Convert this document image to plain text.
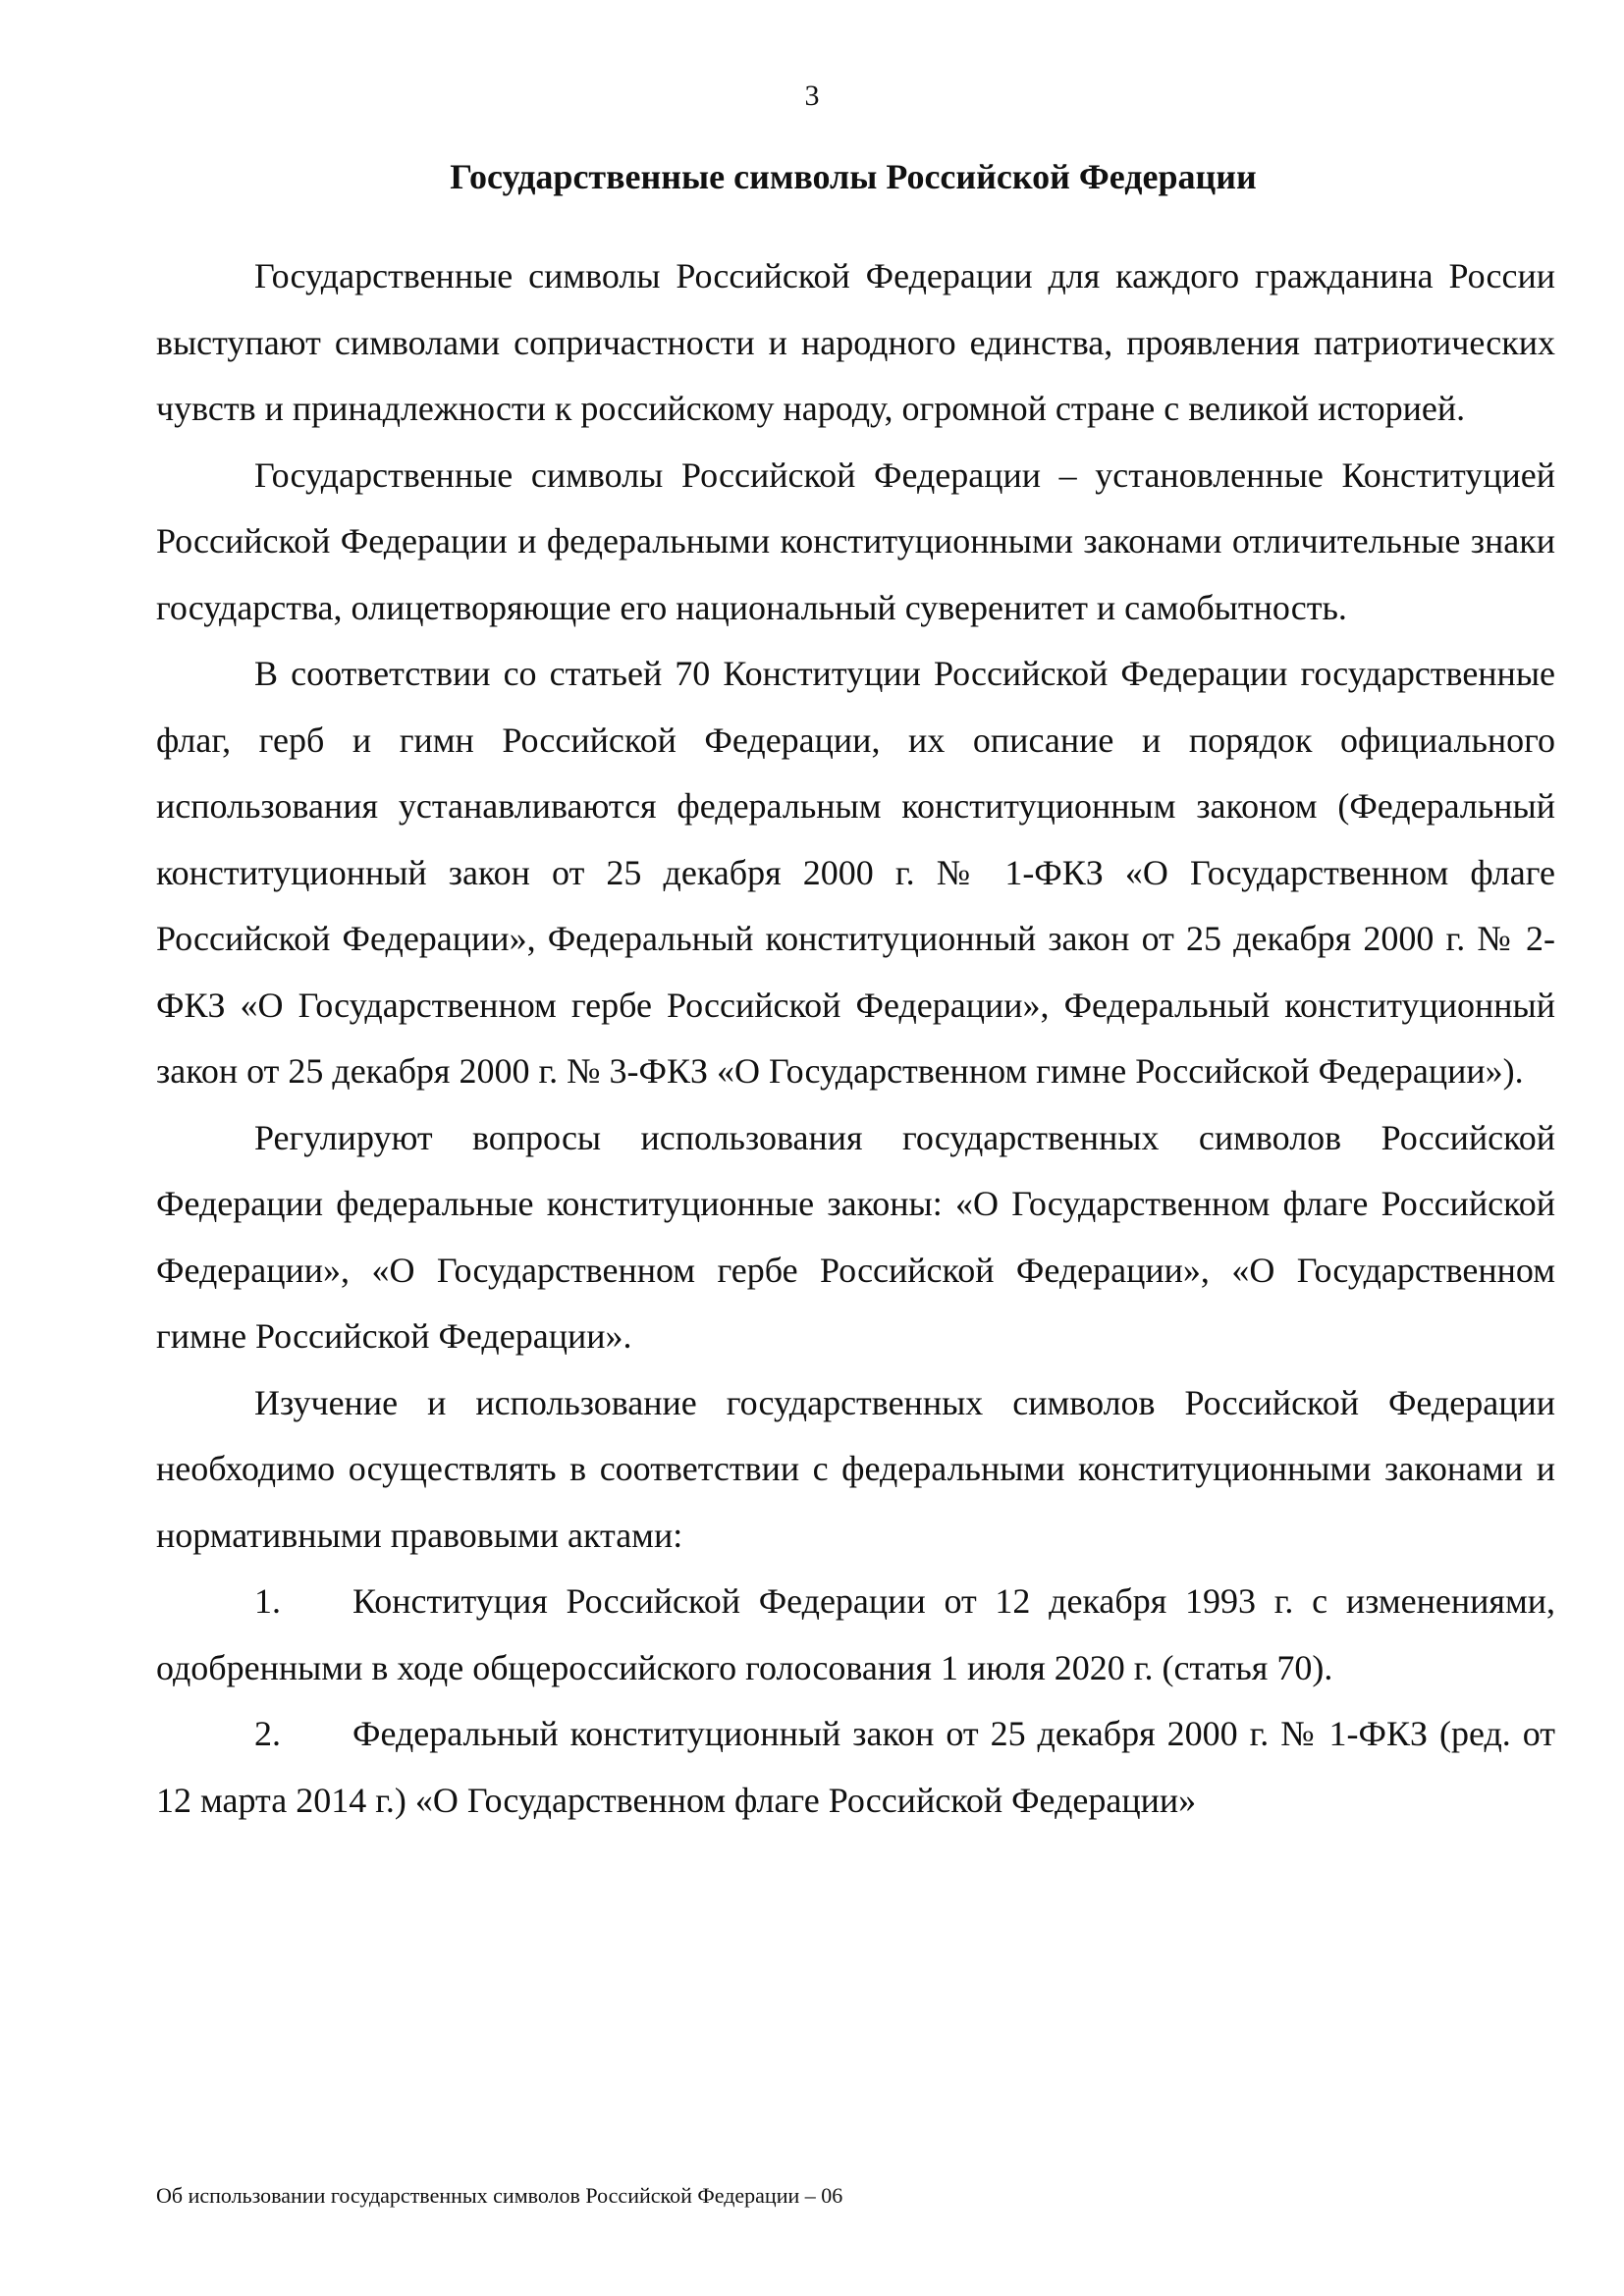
3
Государственные символы Российской Федерации

Государственные символы Российской Федерации для каждого гражданина России выступают символами сопричастности и народного единства, проявления патриотических чувств и принадлежности к российскому народу, огромной стране с великой историей.

Государственные символы Российской Федерации – установленные Конституцией Российской Федерации и федеральными конституционными законами отличительные знаки государства, олицетворяющие его национальный суверенитет и самобытность.

В соответствии со статьей 70 Конституции Российской Федерации государственные флаг, герб и гимн Российской Федерации, их описание и порядок официального использования устанавливаются федеральным конституционным законом (Федеральный конституционный закон от 25 декабря 2000 г. № 1-ФКЗ «О Государственном флаге Российской Федерации», Федеральный конституционный закон от 25 декабря 2000 г. № 2-ФКЗ «О Государственном гербе Российской Федерации», Федеральный конституционный закон от 25 декабря 2000 г. № 3-ФКЗ «О Государственном гимне Российской Федерации»).

Регулируют вопросы использования государственных символов Российской Федерации федеральные конституционные законы: «О Государственном флаге Российской Федерации», «О Государственном гербе Российской Федерации», «О Государственном гимне Российской Федерации».

Изучение и использование государственных символов Российской Федерации необходимо осуществлять в соответствии с федеральными конституционными законами и нормативными правовыми актами:

1. Конституция Российской Федерации от 12 декабря 1993 г. с изменениями, одобренными в ходе общероссийского голосования 1 июля 2020 г. (статья 70).

2. Федеральный конституционный закон от 25 декабря 2000 г. № 1-ФКЗ (ред. от 12 марта 2014 г.) «О Государственном флаге Российской Федерации»

Об использовании государственных символов Российской Федерации – 06
